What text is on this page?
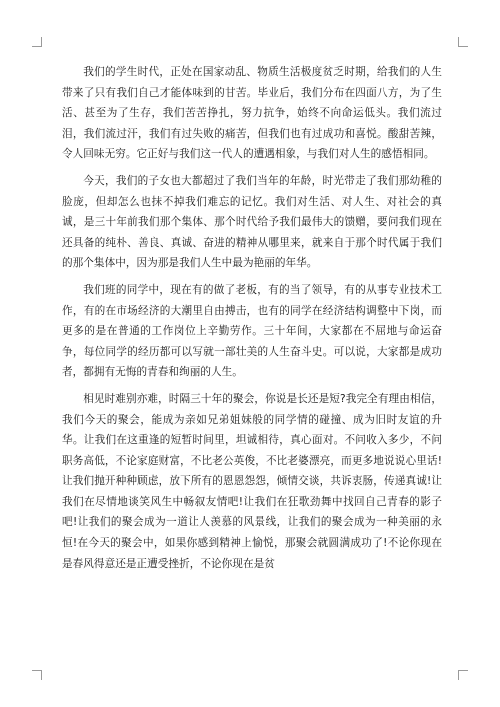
我们的学生时代，正处在国家动乱、物质生活极度贫乏时期，给我们的人生带来了只有我们自己才能体味到的甘苦。毕业后，我们分布在四面八方，为了生活、甚至为了生存，我们苦苦挣扎，努力抗争，始终不向命运低头。我们流过泪，我们流过汗，我们有过失败的痛苦，但我们也有过成功和喜悦。酸甜苦辣，令人回味无穷。它正好与我们这一代人的遭遇相象，与我们对人生的感悟相同。

今天，我们的子女也大都超过了我们当年的年龄，时光带走了我们那幼稚的脸庞，但却怎么也抹不掉我们难忘的记忆。我们对生活、对人生、对社会的真诚，是三十年前我们那个集体、那个时代给予我们最伟大的馈赠，要问我们现在还具备的纯朴、善良、真诚、奋进的精神从哪里来，就来自于那个时代属于我们的那个集体中，因为那是我们人生中最为艳丽的年华。

我们班的同学中，现在有的做了老板，有的当了领导，有的从事专业技术工作，有的在市场经济的大潮里自由搏击，也有的同学在经济结构调整中下岗，而更多的是在普通的工作岗位上辛勤劳作。三十年间，大家都在不屈地与命运奋争，每位同学的经历都可以写就一部壮美的人生奋斗史。可以说，大家都是成功者，都拥有无悔的青春和绚丽的人生。

相见时难别亦难，时隔三十年的聚会，你说是长还是短?我完全有理由相信，我们今天的聚会，能成为亲如兄弟姐妹般的同学情的碰撞、成为旧时友谊的升华。让我们在这重逢的短暂时间里，坦诚相待，真心面对。不问收入多少，不问职务高低，不论家庭财富，不比老公英俊，不比老婆漂亮，而更多地说说心里话!让我们抛开种种顾虑，放下所有的恩恩怨怨，倾情交谈，共诉衷肠，传递真诚!让我们在尽情地谈笑风生中畅叙友情吧!让我们在狂歌劲舞中找回自己青春的影子吧!让我们的聚会成为一道让人羡慕的风景线，让我们的聚会成为一种美丽的永恒!在今天的聚会中，如果你感到精神上愉悦，那聚会就圆满成功了!不论你现在是春风得意还是正遭受挫折，不论你现在是贫
